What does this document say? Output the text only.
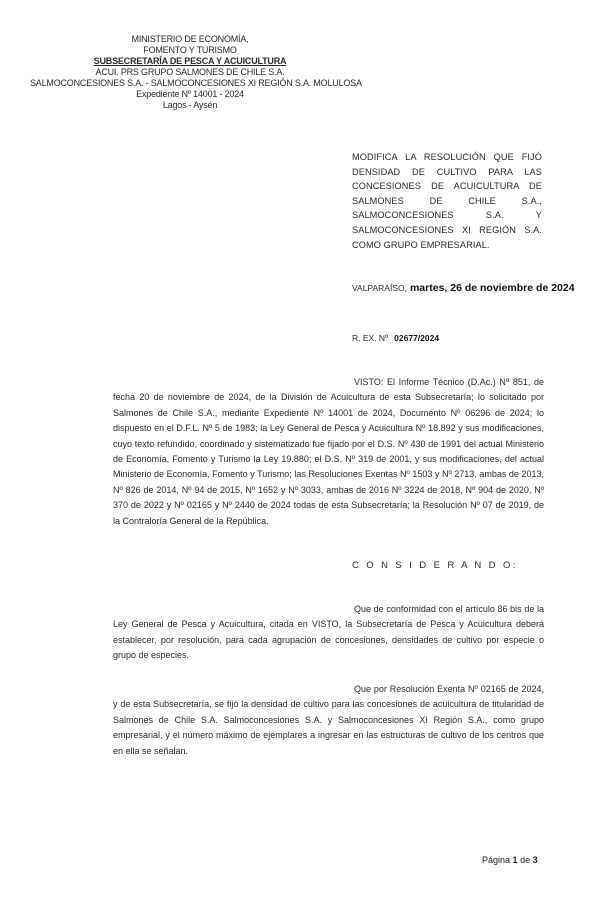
MINISTERIO DE ECONOMÍA,
FOMENTO Y TURISMO
SUBSECRETARÍA DE PESCA Y ACUICULTURA
ACUI. PRS GRUPO SALMONES DE CHILE S.A.
SALMOCONCESIONES S.A. - SALMOCONCESIONES XI REGIÓN S.A. MOLULOSA
Expediente Nº 14001 - 2024
Lagos - Aysén
MODIFICA LA RESOLUCIÓN QUE FIJÓ DENSIDAD DE CULTIVO PARA LAS CONCESIONES DE ACUICULTURA DE SALMONES DE CHILE S.A., SALMOCONCESIONES S.A. Y SALMOCONCESIONES XI REGIÓN S.A. COMO GRUPO EMPRESARIAL.
VALPARAÍSO, martes, 26 de noviembre de 2024
R. EX. Nº 02677/2024
VISTO: El Informe Técnico (D.Ac.) Nº 851, de fecha 20 de noviembre de 2024, de la División de Acuicultura de esta Subsecretaría; lo solicitado por Salmones de Chile S.A., mediante Expediente Nº 14001 de 2024, Documento Nº 06296 de 2024; lo dispuesto en el D.F.L. Nº 5 de 1983; la Ley General de Pesca y Acuicultura Nº 18.892 y sus modificaciones, cuyo texto refundido, coordinado y sistematizado fue fijado por el D.S. Nº 430 de 1991 del actual Ministerio de Economía, Fomento y Turismo la Ley 19.880; el D.S. Nº 319 de 2001, y sus modificaciones, del actual Ministerio de Economía, Fomento y Turismo; las Resoluciones Exentas Nº 1503 y Nº 2713, ambas de 2013, Nº 826 de 2014, Nº 94 de 2015, Nº 1652 y Nº 3033, ambas de 2016 Nº 3224 de 2018, Nº 904 de 2020, Nº 370 de 2022 y Nº 02165 y Nº 2440 de 2024 todas de esta Subsecretaría; la Resolución Nº 07 de 2019, de la Contraloría General de la República.
C O N S I D E R A N D O:
Que de conformidad con el artículo 86 bis de la Ley General de Pesca y Acuicultura, citada en VISTO, la Subsecretaría de Pesca y Acuicultura deberá establecer, por resolución, para cada agrupación de concesiones, densidades de cultivo por especie o grupo de especies.
Que por Resolución Exenta Nº 02165 de 2024, y de esta Subsecretaría, se fijó la densidad de cultivo para las concesiones de acuicultura de titularidad de Salmones de Chile S.A. Salmoconcesiones S.A. y Salmoconcesiones XI Región S.A., como grupo empresarial, y el número máximo de ejemplares a ingresar en las estructuras de cultivo de los centros que en ella se señalan.
Página 1 de 3
